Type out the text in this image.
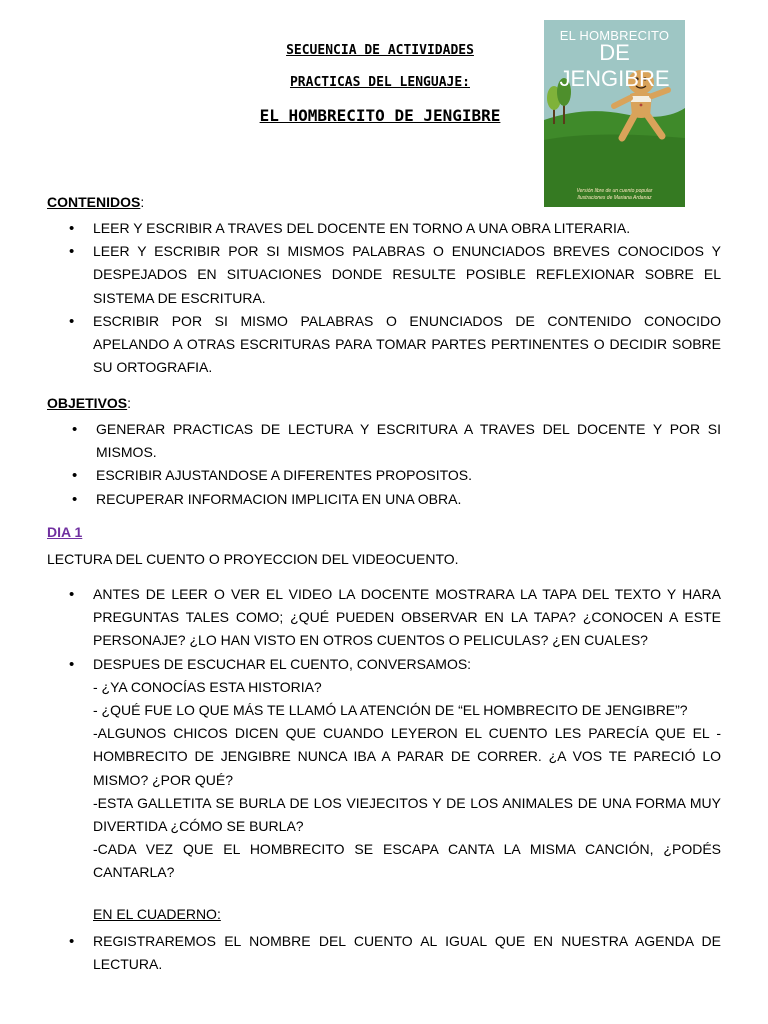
SECUENCIA DE ACTIVIDADES
PRACTICAS DEL LENGUAJE:
EL HOMBRECITO DE JENGIBRE
EL HOMBRECITO
DE JENGIBRE
Versión libre de un cuento popular
Ilustraciones de Mariana Ardanaz
CONTENIDOS:
• LEER Y ESCRIBIR A TRAVES DEL DOCENTE EN TORNO A UNA OBRA LITERARIA.
• LEER Y ESCRIBIR POR SI MISMOS PALABRAS O ENUNCIADOS BREVES CONOCIDOS Y DESPEJADOS EN SITUACIONES DONDE RESULTE POSIBLE REFLEXIONAR SOBRE EL SISTEMA DE ESCRITURA.
• ESCRIBIR POR SI MISMO PALABRAS O ENUNCIADOS DE CONTENIDO CONOCIDO APELANDO A OTRAS ESCRITURAS PARA TOMAR PARTES PERTINENTES O DECIDIR SOBRE SU ORTOGRAFIA.
OBJETIVOS:
• GENERAR PRACTICAS DE LECTURA Y ESCRITURA A TRAVES DEL DOCENTE Y POR SI MISMOS.
• ESCRIBIR AJUSTANDOSE A DIFERENTES PROPOSITOS.
• RECUPERAR INFORMACION IMPLICITA EN UNA OBRA.
DIA 1
LECTURA DEL CUENTO O PROYECCION DEL VIDEOCUENTO.
• ANTES DE LEER O VER EL VIDEO LA DOCENTE MOSTRARA LA TAPA DEL TEXTO Y HARA PREGUNTAS TALES COMO; ¿QUÉ PUEDEN OBSERVAR EN LA TAPA? ¿CONOCEN A ESTE PERSONAJE? ¿LO HAN VISTO EN OTROS CUENTOS O PELICULAS? ¿EN CUALES?
• DESPUES DE ESCUCHAR EL CUENTO, CONVERSAMOS:
- ¿YA CONOCÍAS ESTA HISTORIA?
- ¿QUÉ FUE LO QUE MÁS TE LLAMÓ LA ATENCIÓN DE “EL HOMBRECITO DE JENGIBRE”?
-ALGUNOS CHICOS DICEN QUE CUANDO LEYERON EL CUENTO LES PARECÍA QUE EL - HOMBRECITO DE JENGIBRE NUNCA IBA A PARAR DE CORRER. ¿A VOS TE PARECIÓ LO MISMO? ¿POR QUÉ?
-ESTA GALLETITA SE BURLA DE LOS VIEJECITOS Y DE LOS ANIMALES DE UNA FORMA MUY DIVERTIDA ¿CÓMO SE BURLA?
-CADA VEZ QUE EL HOMBRECITO SE ESCAPA CANTA LA MISMA CANCIÓN, ¿PODÉS CANTARLA?
EN EL CUADERNO:
• REGISTRAREMOS EL NOMBRE DEL CUENTO AL IGUAL QUE EN NUESTRA AGENDA DE LECTURA.
